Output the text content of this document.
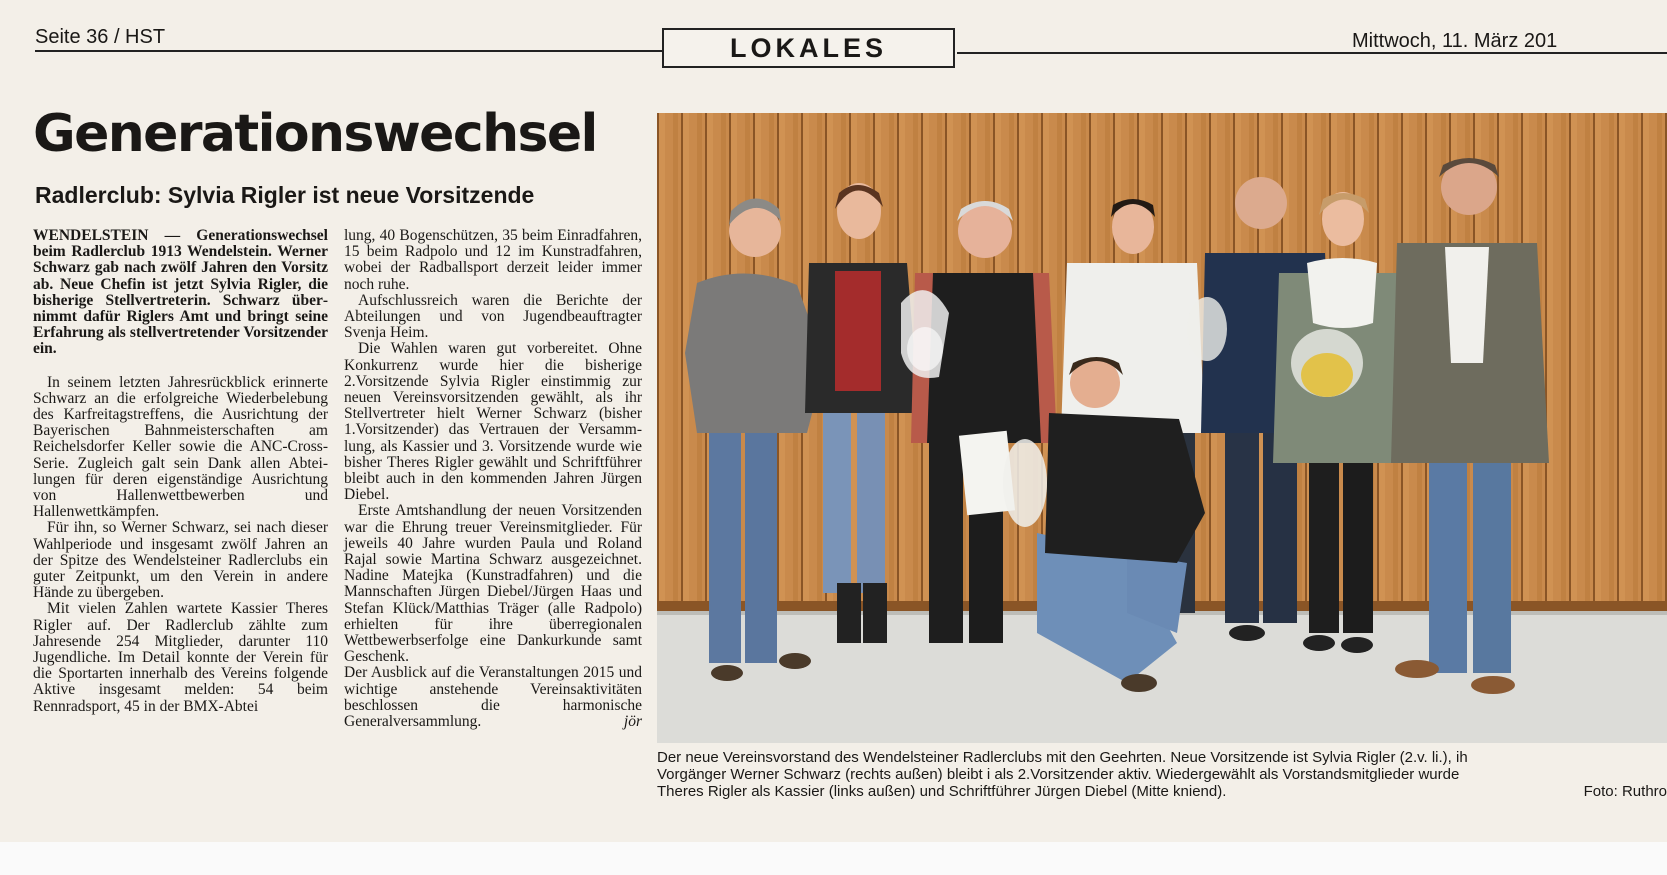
Seite 36 / HST	LOKALES	Mittwoch, 11. März 201
Generationswechsel
Radlerclub: Sylvia Rigler ist neue Vorsitzende

WENDELSTEIN — Generationswechsel beim Radlerclub 1913 Wendelstein. Werner Schwarz gab nach zwölf Jahren den Vorsitz ab. Neue Chefin ist jetzt Sylvia Rigler, die bisherige Stellvertreterin. Schwarz übernimmt dafür Riglers Amt und bringt seine Erfahrung als stellvertretender Vorsitzender ein.

In seinem letzten Jahresrückblick erinnerte Schwarz an die erfolgreiche Wiederbelebung des Karfreitagstreffens, die Ausrichtung der Bayerischen Bahnmeisterschaften am Reichelsdorfer Keller sowie die ANC-Cross-Serie. Zugleich galt sein Dank allen Abteilungen für deren eigenständige Ausrichtung von Hallenwettbewerben und Hallenwettkämpfen.

Für ihn, so Werner Schwarz, sei nach dieser Wahlperiode und insgesamt zwölf Jahren an der Spitze des Wendelsteiner Radlerclubs ein guter Zeitpunkt, um den Verein in andere Hände zu übergeben.

Mit vielen Zahlen wartete Kassier Theres Rigler auf. Der Radlerclub zählte zum Jahresende 254 Mitglieder, darunter 110 Jugendliche. Im Detail konnte der Verein für die Sportarten innerhalb des Vereins folgende Aktive insgesamt melden: 54 beim Rennradsport, 45 in der BMX-Abtei

lung, 40 Bogenschützen, 35 beim Einradfahren, 15 beim Radpolo und 12 im Kunstradfahren, wobei der Radballsport derzeit leider immer noch ruhe.

Aufschlussreich waren die Berichte der Abteilungen und von Jugendbeauftragter Svenja Heim.

Die Wahlen waren gut vorbereitet. Ohne Konkurrenz wurde hier die bisherige 2.Vorsitzende Sylvia Rigler einstimmig zur neuen Vereinsvorsitzenden gewählt, als ihr Stellvertreter hielt Werner Schwarz (bisher 1.Vorsitzender) das Vertrauen der Versammlung, als Kassier und 3. Vorsitzende wurde wie bisher Theres Rigler gewählt und Schriftführer bleibt auch in den kommenden Jahren Jürgen Diebel.

Erste Amtshandlung der neuen Vorsitzenden war die Ehrung treuer Vereinsmitglieder. Für jeweils 40 Jahre wurden Paula und Roland Rajal sowie Martina Schwarz ausgezeichnet. Nadine Matejka (Kunstradfahren) und die Mannschaften Jürgen Diebel/Jürgen Haas und Stefan Klück/Matthias Träger (alle Radpolo) erhielten für ihre überregionalen Wettbewerbserfolge eine Dankurkunde samt Geschenk.

Der Ausblick auf die Veranstaltungen 2015 und wichtige anstehende Vereinsaktivitäten beschlossen die harmonische Generalversammlung.	jör

Der neue Vereinsvorstand des Wendelsteiner Radlerclubs mit den Geehrten. Neue Vorsitzende ist Sylvia Rigler (2.v. li.), ih
Vorgänger Werner Schwarz (rechts außen) bleibt i als 2.Vorsitzender aktiv. Wiedergewählt als Vorstandsmitglieder wurde
Theres Rigler als Kassier (links außen) und Schriftführer Jürgen Diebel (Mitte kniend).	Foto: Ruthro
